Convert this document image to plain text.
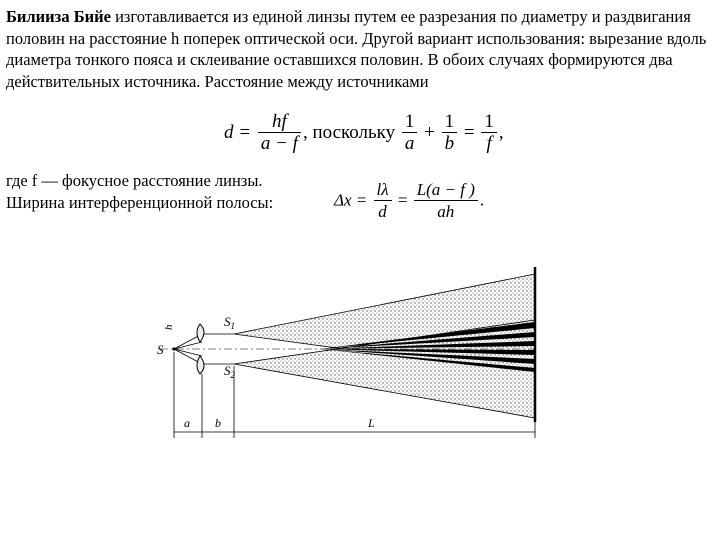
Билииза Бийе изготавливается из единой линзы путем ее разрезания по диаметру и раздвигания половин на расстояние h поперек оптической оси. Другой вариант использования: вырезание вдоль диаметра тонкого пояса и склеивание оставшихся половин. В обоих случаях формируются два действительных источника. Расстояние между источниками
$d = \frac{hf}{a - f}$ , поскольку $\frac{1}{a} + \frac{1}{b} = \frac{1}{f}$ ,
где f — фокусное расстояние линзы.
Ширина интерференционной полосы:	$\Delta x = \frac{l\lambda}{d} = \frac{L(a - f )}{ah}$ .
S
h	$S_1$
$S_2$
a b	L
